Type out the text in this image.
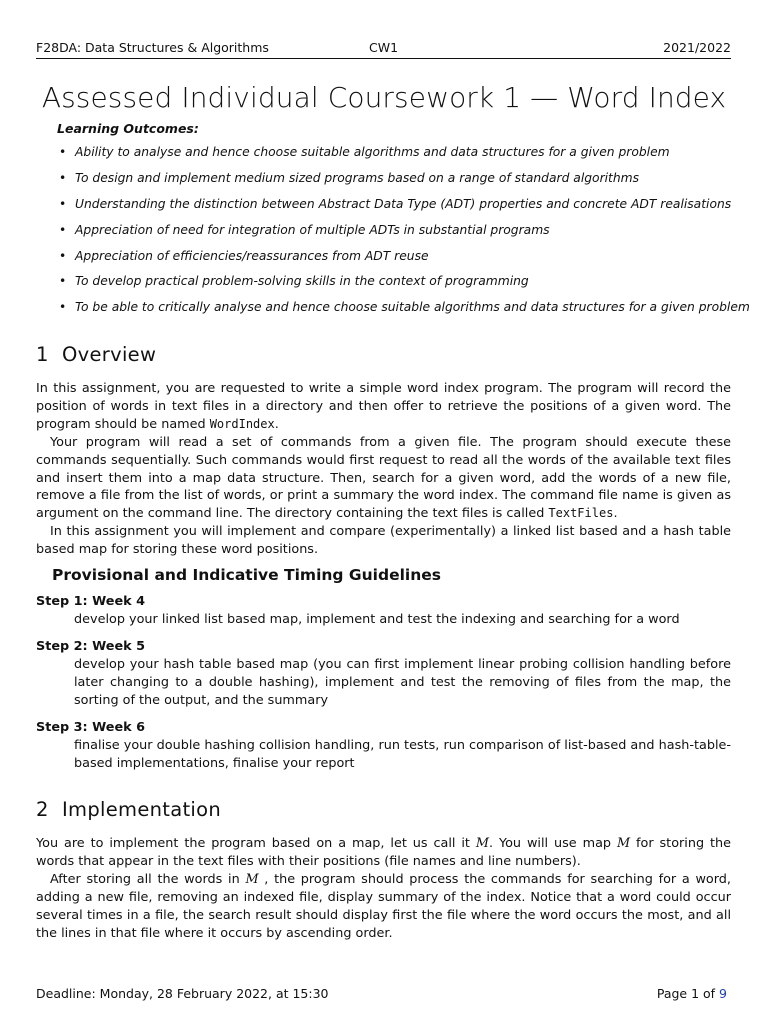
F28DA: Data Structures & Algorithms	CW1	2021/2022
Assessed Individual Coursework 1 — Word Index
Learning Outcomes:
• Ability to analyse and hence choose suitable algorithms and data structures for a given problem
• To design and implement medium sized programs based on a range of standard algorithms
• Understanding the distinction between Abstract Data Type (ADT) properties and concrete ADT realisations
• Appreciation of need for integration of multiple ADTs in substantial programs
• Appreciation of efficiencies/reassurances from ADT reuse
• To develop practical problem-solving skills in the context of programming
• To be able to critically analyse and hence choose suitable algorithms and data structures for a given problem
1 Overview

In this assignment, you are requested to write a simple word index program. The program will record the position of words in text files in a directory and then offer to retrieve the positions of a given word. The program should be named WordIndex.

Your program will read a set of commands from a given file. The program should execute these commands sequentially. Such commands would first request to read all the words of the available text files and insert them into a map data structure. Then, search for a given word, add the words of a new file, remove a file from the list of words, or print a summary the word index. The command file name is given as argument on the command line. The directory containing the text files is called TextFiles.

In this assignment you will implement and compare (experimentally) a linked list based and a hash table based map for storing these word positions.

Provisional and Indicative Timing Guidelines
Step 1: Week 4
develop your linked list based map, implement and test the indexing and searching for a word
Step 2: Week 5
develop your hash table based map (you can first implement linear probing collision handling before later changing to a double hashing), implement and test the removing of files from the map, the sorting of the output, and the summary
Step 3: Week 6
finalise your double hashing collision handling, run tests, run comparison of list-based and hash-table-based implementations, finalise your report
2 Implementation

You are to implement the program based on a map, let us call it M. You will use map M for storing the words that appear in the text files with their positions (file names and line numbers).

After storing all the words in M , the program should process the commands for searching for a word, adding a new file, removing an indexed file, display summary of the index. Notice that a word could occur several times in a file, the search result should display first the file where the word occurs the most, and all the lines in that file where it occurs by ascending order.

Deadline: Monday, 28 February 2022, at 15:30	Page 1 of 9
